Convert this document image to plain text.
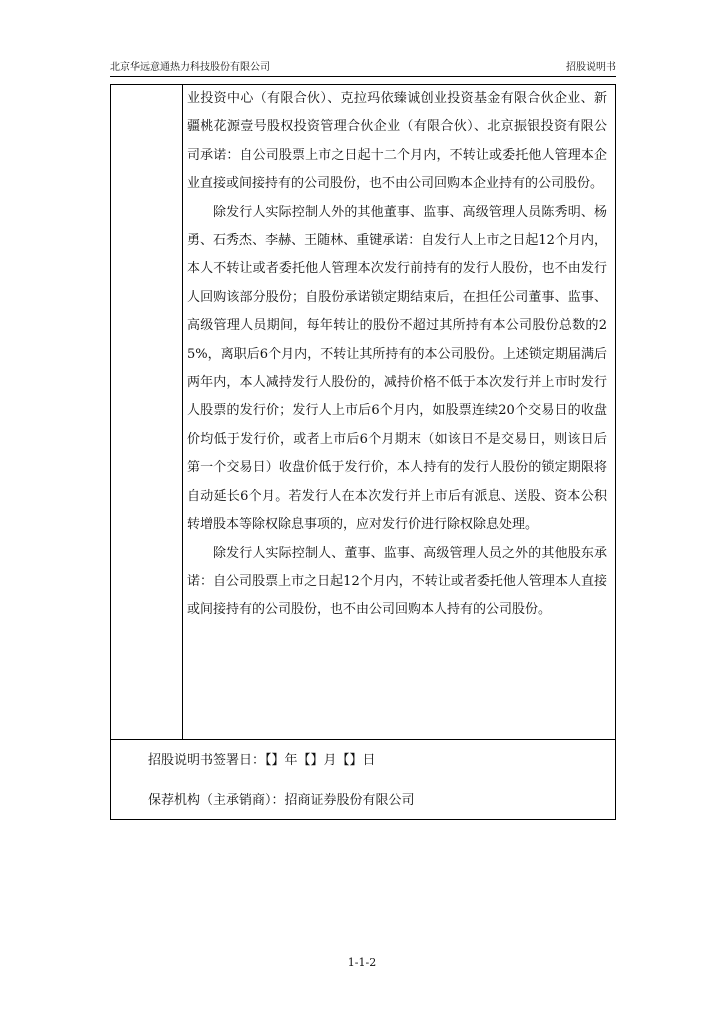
北京华远意通热力科技股份有限公司	招股说明书
业投资中心（有限合伙）、克拉玛依臻诚创业投资基金有限合伙企业、新疆桃花源壹号股权投资管理合伙企业（有限合伙）、北京振银投资有限公司承诺：自公司股票上市之日起十二个月内，不转让或委托他人管理本企业直接或间接持有的公司股份，也不由公司回购本企业持有的公司股份。
除发行人实际控制人外的其他董事、监事、高级管理人员陈秀明、杨勇、石秀杰、李赫、王随林、重键承诺：自发行人上市之日起12个月内，本人不转让或者委托他人管理本次发行前持有的发行人股份，也不由发行人回购该部分股份；自股份承诺锁定期结束后，在担任公司董事、监事、高级管理人员期间，每年转让的股份不超过其所持有本公司股份总数的25%，离职后6个月内，不转让其所持有的本公司股份。上述锁定期届满后两年内，本人减持发行人股份的，减持价格不低于本次发行并上市时发行人股票的发行价；发行人上市后6个月内，如股票连续20个交易日的收盘价均低于发行价，或者上市后6个月期末（如该日不是交易日，则该日后第一个交易日）收盘价低于发行价，本人持有的发行人股份的锁定期限将自动延长6个月。若发行人在本次发行并上市后有派息、送股、资本公积转增股本等除权除息事项的，应对发行价进行除权除息处理。
除发行人实际控制人、董事、监事、高级管理人员之外的其他股东承诺：自公司股票上市之日起12个月内，不转让或者委托他人管理本人直接或间接持有的公司股份，也不由公司回购本人持有的公司股份。
招股说明书签署日：【】年【】月【】日
保荐机构（主承销商）：招商证券股份有限公司
1-1-2
